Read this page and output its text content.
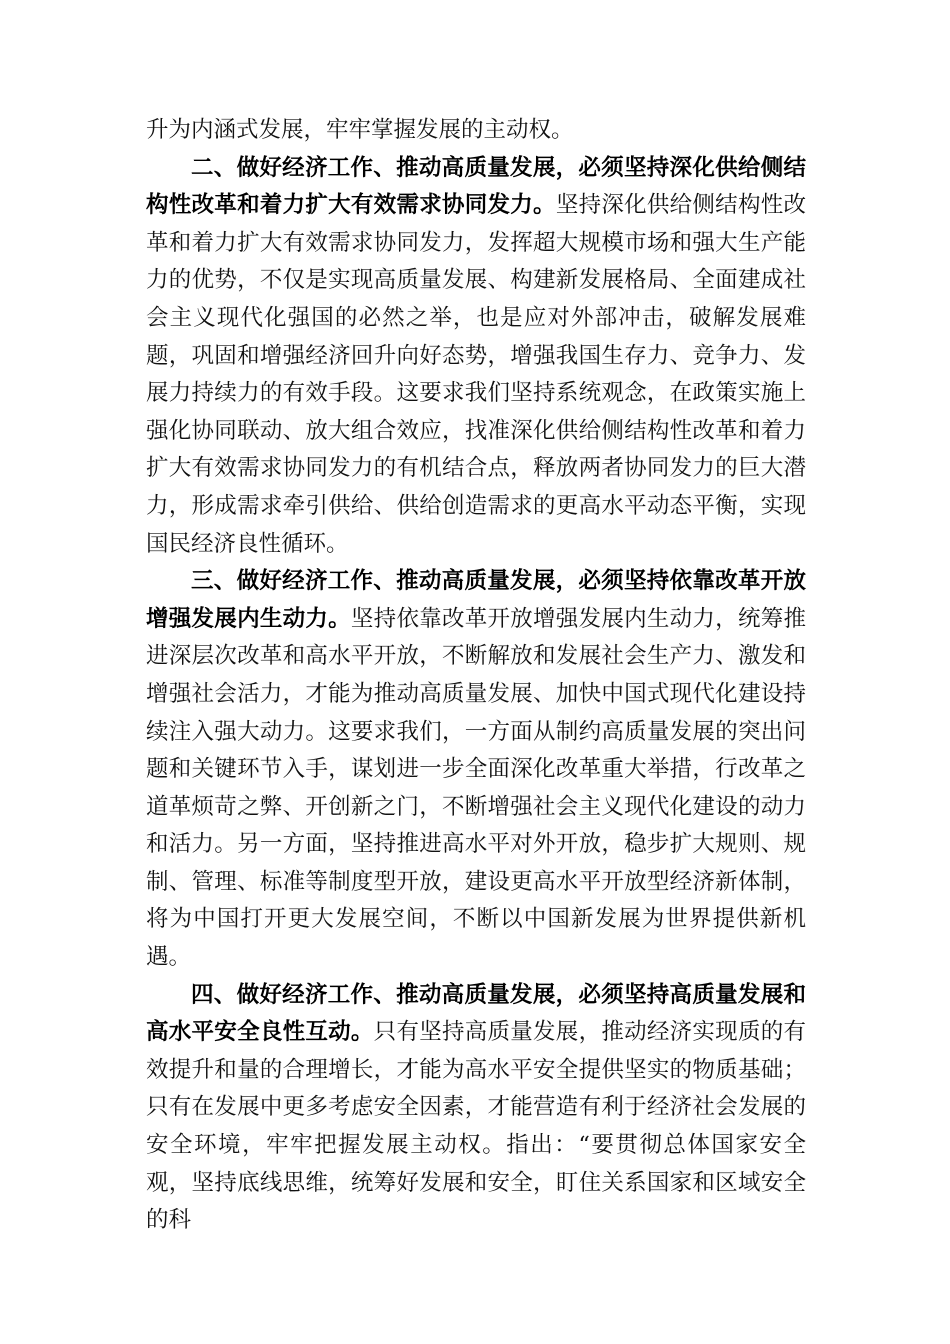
升为内涵式发展，牢牢掌握发展的主动权。

二、做好经济工作、推动高质量发展，必须坚持深化供给侧结构性改革和着力扩大有效需求协同发力。坚持深化供给侧结构性改革和着力扩大有效需求协同发力，发挥超大规模市场和强大生产能力的优势，不仅是实现高质量发展、构建新发展格局、全面建成社会主义现代化强国的必然之举，也是应对外部冲击，破解发展难题，巩固和增强经济回升向好态势，增强我国生存力、竞争力、发展力持续力的有效手段。这要求我们坚持系统观念，在政策实施上强化协同联动、放大组合效应，找准深化供给侧结构性改革和着力扩大有效需求协同发力的有机结合点，释放两者协同发力的巨大潜力，形成需求牵引供给、供给创造需求的更高水平动态平衡，实现国民经济良性循环。

三、做好经济工作、推动高质量发展，必须坚持依靠改革开放增强发展内生动力。坚持依靠改革开放增强发展内生动力，统筹推进深层次改革和高水平开放，不断解放和发展社会生产力、激发和增强社会活力，才能为推动高质量发展、加快中国式现代化建设持续注入强大动力。这要求我们，一方面从制约高质量发展的突出问题和关键环节入手，谋划进一步全面深化改革重大举措，行改革之道革烦苛之弊、开创新之门，不断增强社会主义现代化建设的动力和活力。另一方面，坚持推进高水平对外开放，稳步扩大规则、规制、管理、标准等制度型开放，建设更高水平开放型经济新体制，将为中国打开更大发展空间，不断以中国新发展为世界提供新机遇。

四、做好经济工作、推动高质量发展，必须坚持高质量发展和高水平安全良性互动。只有坚持高质量发展，推动经济实现质的有效提升和量的合理增长，才能为高水平安全提供坚实的物质基础；只有在发展中更多考虑安全因素，才能营造有利于经济社会发展的安全环境，牢牢把握发展主动权。指出：“要贯彻总体国家安全观，坚持底线思维，统筹好发展和安全，盯住关系国家和区域安全的科
